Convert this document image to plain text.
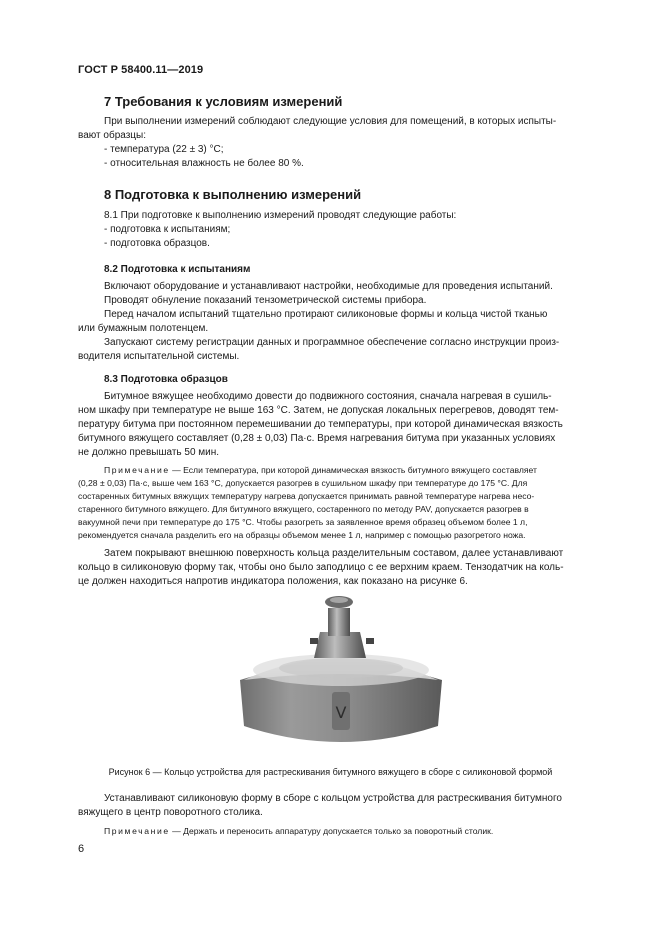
ГОСТ Р 58400.11—2019
7 Требования к условиям измерений
При выполнении измерений соблюдают следующие условия для помещений, в которых испыты-
вают образцы:
- температура (22 ± 3) °С;
- относительная влажность не более 80 %.
8 Подготовка к выполнению измерений
8.1 При подготовке к выполнению измерений проводят следующие работы:
- подготовка к испытаниям;
- подготовка образцов.
8.2 Подготовка к испытаниям
Включают оборудование и устанавливают настройки, необходимые для проведения испытаний.
Проводят обнуление показаний тензометрической системы прибора.
Перед началом испытаний тщательно протирают силиконовые формы и кольца чистой тканью
или бумажным полотенцем.
Запускают систему регистрации данных и программное обеспечение согласно инструкции произ-
водителя испытательной системы.
8.3 Подготовка образцов
Битумное вяжущее необходимо довести до подвижного состояния, сначала нагревая в сушиль-
ном шкафу при температуре не выше 163 °С. Затем, не допуская локальных перегревов, доводят тем-
пературу битума при постоянном перемешивании до температуры, при которой динамическая вязкость
битумного вяжущего составляет (0,28 ± 0,03) Па·с. Время нагревания битума при указанных условиях
не должно превышать 50 мин.
Примечание — Если температура, при которой динамическая вязкость битумного вяжущего составляет
(0,28 ± 0,03) Па·с, выше чем 163 °С, допускается разогрев в сушильном шкафу при температуре до 175 °С. Для
состаренных битумных вяжущих температуру нагрева допускается принимать равной температуре нагрева несо-
старенного битумного вяжущего. Для битумного вяжущего, состаренного по методу PAV, допускается разогрев в
вакуумной печи при температуре до 175 °С. Чтобы разогреть за заявленное время образец объемом более 1 л,
рекомендуется сначала разделить его на образцы объемом менее 1 л, например с помощью разогретого ножа.
Затем покрывают внешнюю поверхность кольца разделительным составом, далее устанавливают
кольцо в силиконовую форму так, чтобы оно было заподлицо с ее верхним краем. Тензодатчик на коль-
це должен находиться напротив индикатора положения, как показано на рисунке 6.
V
Рисунок 6 — Кольцо устройства для растрескивания битумного вяжущего в сборе с силиконовой формой
Устанавливают силиконовую форму в сборе с кольцом устройства для растрескивания битумного
вяжущего в центр поворотного столика.
Примечание — Держать и переносить аппаратуру допускается только за поворотный столик.
6
